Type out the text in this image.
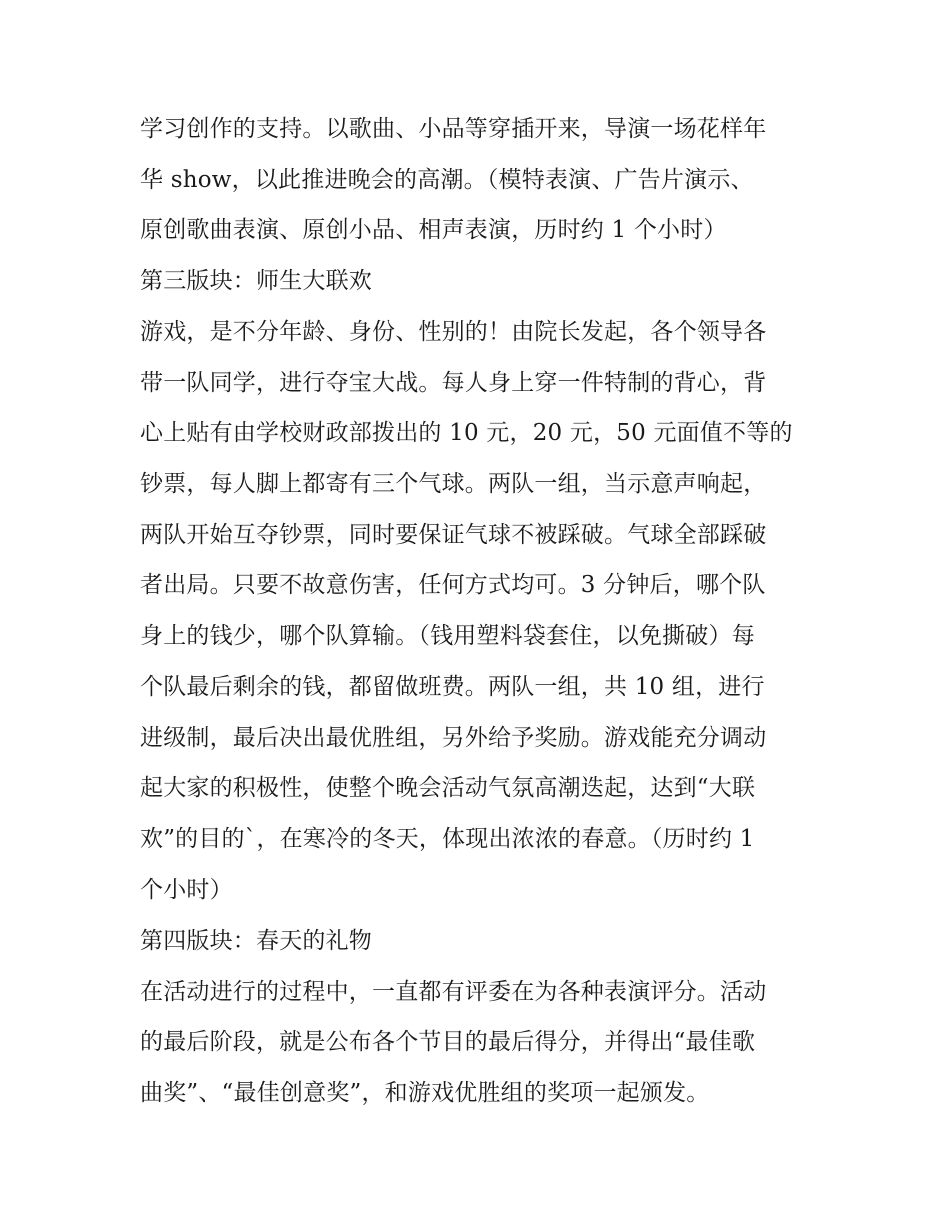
学习创作的支持。以歌曲、小品等穿插开来，导演一场花样年
华 show，以此推进晚会的高潮。（模特表演、广告片演示、
原创歌曲表演、原创小品、相声表演，历时约 1 个小时）
第三版块：师生大联欢
游戏，是不分年龄、身份、性别的！由院长发起，各个领导各
带一队同学，进行夺宝大战。每人身上穿一件特制的背心，背
心上贴有由学校财政部拨出的 10 元，20 元，50 元面值不等的
钞票，每人脚上都寄有三个气球。两队一组，当示意声响起，
两队开始互夺钞票，同时要保证气球不被踩破。气球全部踩破
者出局。只要不故意伤害，任何方式均可。3 分钟后，哪个队
身上的钱少，哪个队算输。（钱用塑料袋套住，以免撕破）每
个队最后剩余的钱，都留做班费。两队一组，共 10 组，进行
进级制，最后决出最优胜组，另外给予奖励。游戏能充分调动
起大家的积极性，使整个晚会活动气氛高潮迭起，达到“大联
欢”的目的`，在寒冷的冬天，体现出浓浓的春意。（历时约 1
个小时）
第四版块：春天的礼物
在活动进行的过程中，一直都有评委在为各种表演评分。活动
的最后阶段，就是公布各个节目的最后得分，并得出“最佳歌
曲奖”、“最佳创意奖”，和游戏优胜组的奖项一起颁发。
